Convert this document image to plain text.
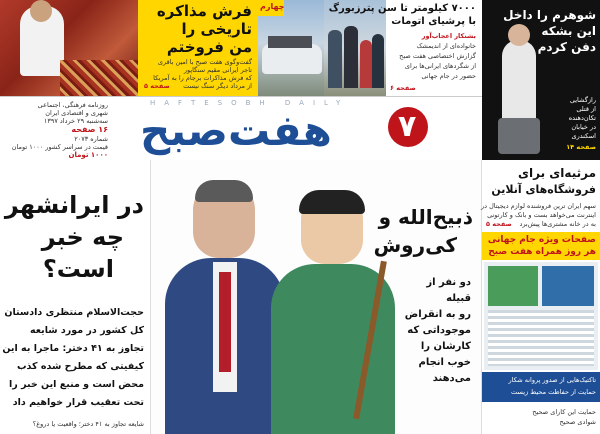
فرش مذاکره
تاریخی را
من فروختم
گفت‌وگوی هفت صبح با امین باقری
تاجر ایرانی مقیم سنگاپور
که فرش مذاکرات برجام را به آمریکا
از مرداد دیگر سنگ نیست
صفحه ۵
چهارم	۷۰۰۰ کیلومتر تا سن پترزبورگ
با پرشیای اتومات
بشنکار اعجاب‌آور
خانواده‌ای از اندیمشک
گزارش اختصاصی هفت صبح
از شگردهای ایرانی‌ها برای
حضور در جام جهانی
صفحه ۶
شوهرم را داخل
این بشکه
دفن کردم
رازگشایی
از قتلی
تکان‌دهنده
در خیابان
اسکندری
صفحه ۱۴
روزنامه فرهنگی، اجتماعی
شهری و اقتصادی ایران
سه‌شنبه ۲۹ خرداد ۱۳۹۷
۱۶ صفحه
شماره ۲۰۷۳
قیمت در سراسر کشور ۱۰۰۰ تومان
۱۰۰۰ تومان
HAFTESOBH DAILY
هفت‌صبح ۷
در ایرانشهر
چه خبر
است؟
حجت‌الاسلام منتظری دادستان
کل کشور در مورد شایعه
تجاوز به ۴۱ دختر: ماجرا به این
کیفیتی که مطرح شده کذب
محض است و منبع این خبر را
تحت تعقیب قرار خواهیم داد
شایعه تجاوز به ۴۱ دختر؛ واقعیت یا دروغ؟
ذبیح‌الله و
کی‌روش
دو نفر از
قبیله
رو به انقراض
موجوداتی که
کارشان را
خوب انجام
می‌دهند
مرثیه‌ای برای
فروشگاه‌های آنلاین
سهم ایران ترین فروشنده لوازم دیجیتال در
اینترنت می‌خواهد بست و بانک و کارتونی
به در خانه مشتری‌ها پیش‌برد
صفحه ۵
صفحات ویژه جام جهانی
هر روز همراه هفت صبح
تاکتیک‌هایی از صدور پروانه شکار
حمایت از حفاظت محیط زیست
حمایت این کارای صحیح
شوادی صحیح
